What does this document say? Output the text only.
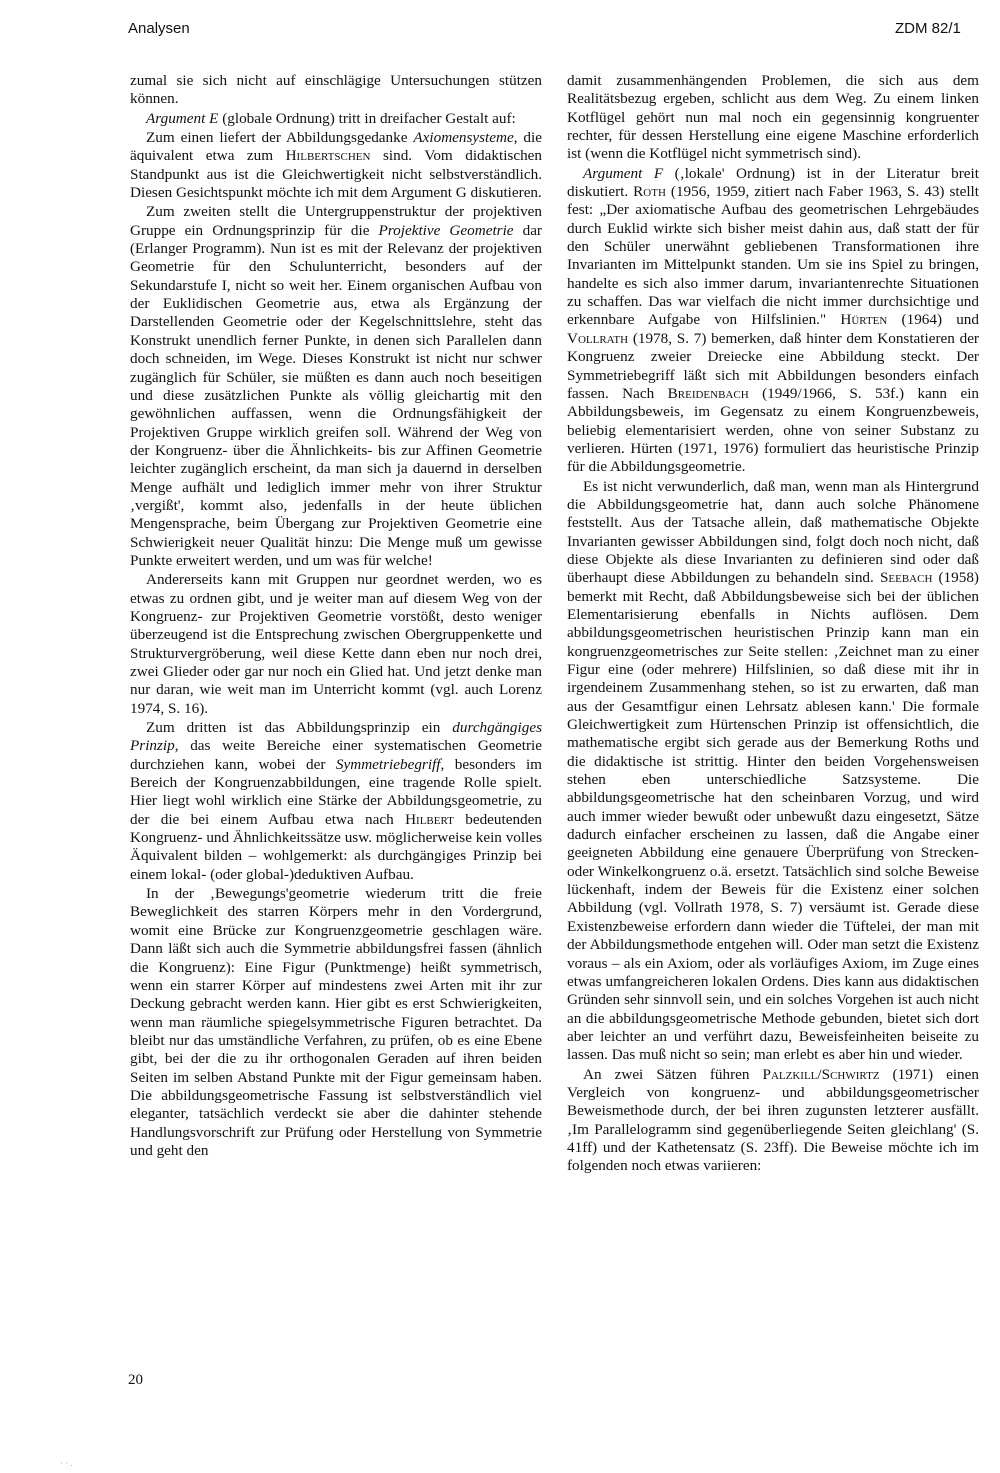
Analysen	ZDM 82/1

zumal sie sich nicht auf einschlägige Untersuchungen stützen können.

Argument E (globale Ordnung) tritt in dreifacher Gestalt auf:

Zum einen liefert der Abbildungsgedanke Axiomensysteme, die äquivalent etwa zum Hilbertschen sind. Vom didaktischen Standpunkt aus ist die Gleichwertigkeit nicht selbstverständlich. Diesen Gesichtspunkt möchte ich mit dem Argument G diskutieren.

Zum zweiten stellt die Untergruppenstruktur der projektiven Gruppe ein Ordnungsprinzip für die Projektive Geometrie dar (Erlanger Programm). Nun ist es mit der Relevanz der projektiven Geometrie für den Schulunterricht, besonders auf der Sekundarstufe I, nicht so weit her. Einem organischen Aufbau von der Euklidischen Geometrie aus, etwa als Ergänzung der Darstellenden Geometrie oder der Kegelschnittslehre, steht das Konstrukt unendlich ferner Punkte, in denen sich Parallelen dann doch schneiden, im Wege. Dieses Konstrukt ist nicht nur schwer zugänglich für Schüler, sie müßten es dann auch noch beseitigen und diese zusätzlichen Punkte als völlig gleichartig mit den gewöhnlichen auffassen, wenn die Ordnungsfähigkeit der Projektiven Gruppe wirklich greifen soll. Während der Weg von der Kongruenz- über die Ähnlichkeits- bis zur Affinen Geometrie leichter zugänglich erscheint, da man sich ja dauernd in derselben Menge aufhält und lediglich immer mehr von ihrer Struktur ‚vergißt', kommt also, jedenfalls in der heute üblichen Mengensprache, beim Übergang zur Projektiven Geometrie eine Schwierigkeit neuer Qualität hinzu: Die Menge muß um gewisse Punkte erweitert werden, und um was für welche!

Andererseits kann mit Gruppen nur geordnet werden, wo es etwas zu ordnen gibt, und je weiter man auf diesem Weg von der Kongruenz- zur Projektiven Geometrie vorstößt, desto weniger überzeugend ist die Entsprechung zwischen Obergruppenkette und Strukturvergröberung, weil diese Kette dann eben nur noch drei, zwei Glieder oder gar nur noch ein Glied hat. Und jetzt denke man nur daran, wie weit man im Unterricht kommt (vgl. auch Lorenz 1974, S. 16).

Zum dritten ist das Abbildungsprinzip ein durchgängiges Prinzip, das weite Bereiche einer systematischen Geometrie durchziehen kann, wobei der Symmetriebegriff, besonders im Bereich der Kongruenzabbildungen, eine tragende Rolle spielt. Hier liegt wohl wirklich eine Stärke der Abbildungsgeometrie, zu der die bei einem Aufbau etwa nach Hilbert bedeutenden Kongruenz- und Ähnlichkeitssätze usw. möglicherweise kein volles Äquivalent bilden – wohlgemerkt: als durchgängiges Prinzip bei einem lokal- (oder global-)deduktiven Aufbau.

In der ‚Bewegungs'geometrie wiederum tritt die freie Beweglichkeit des starren Körpers mehr in den Vordergrund, womit eine Brücke zur Kongruenzgeometrie geschlagen wäre. Dann läßt sich auch die Symmetrie abbildungsfrei fassen (ähnlich die Kongruenz): Eine Figur (Punktmenge) heißt symmetrisch, wenn ein starrer Körper auf mindestens zwei Arten mit ihr zur Deckung gebracht werden kann. Hier gibt es erst Schwierigkeiten, wenn man räumliche spiegelsymmetrische Figuren betrachtet. Da bleibt nur das umständliche Verfahren, zu prüfen, ob es eine Ebene gibt, bei der die zu ihr orthogonalen Geraden auf ihren beiden Seiten im selben Abstand Punkte mit der Figur gemeinsam haben. Die abbildungsgeometrische Fassung ist selbstverständlich viel eleganter, tatsächlich verdeckt sie aber die dahinter stehende Handlungsvorschrift zur Prüfung oder Herstellung von Symmetrie und geht den

damit zusammenhängenden Problemen, die sich aus dem Realitätsbezug ergeben, schlicht aus dem Weg. Zu einem linken Kotflügel gehört nun mal noch ein gegensinnig kongruenter rechter, für dessen Herstellung eine eigene Maschine erforderlich ist (wenn die Kotflügel nicht symmetrisch sind).

Argument F (‚lokale' Ordnung) ist in der Literatur breit diskutiert. Roth (1956, 1959, zitiert nach Faber 1963, S. 43) stellt fest: „Der axiomatische Aufbau des geometrischen Lehrgebäudes durch Euklid wirkte sich bisher meist dahin aus, daß statt der für den Schüler unerwähnt gebliebenen Transformationen ihre Invarianten im Mittelpunkt standen. Um sie ins Spiel zu bringen, handelte es sich also immer darum, invariantenrechte Situationen zu schaffen. Das war vielfach die nicht immer durchsichtige und erkennbare Aufgabe von Hilfslinien." Hürten (1964) und Vollrath (1978, S. 7) bemerken, daß hinter dem Konstatieren der Kongruenz zweier Dreiecke eine Abbildung steckt. Der Symmetriebegriff läßt sich mit Abbildungen besonders einfach fassen. Nach Breidenbach (1949/1966, S. 53f.) kann ein Abbildungsbeweis, im Gegensatz zu einem Kongruenzbeweis, beliebig elementarisiert werden, ohne von seiner Substanz zu verlieren. Hürten (1971, 1976) formuliert das heuristische Prinzip für die Abbildungsgeometrie.

Es ist nicht verwunderlich, daß man, wenn man als Hintergrund die Abbildungsgeometrie hat, dann auch solche Phänomene feststellt. Aus der Tatsache allein, daß mathematische Objekte Invarianten gewisser Abbildungen sind, folgt doch noch nicht, daß diese Objekte als diese Invarianten zu definieren sind oder daß überhaupt diese Abbildungen zu behandeln sind. Seebach (1958) bemerkt mit Recht, daß Abbildungsbeweise sich bei der üblichen Elementarisierung ebenfalls in Nichts auflösen. Dem abbildungsgeometrischen heuristischen Prinzip kann man ein kongruenzgeometrisches zur Seite stellen: ‚Zeichnet man zu einer Figur eine (oder mehrere) Hilfslinien, so daß diese mit ihr in irgendeinem Zusammenhang stehen, so ist zu erwarten, daß man aus der Gesamtfigur einen Lehrsatz ablesen kann.' Die formale Gleichwertigkeit zum Hürtenschen Prinzip ist offensichtlich, die mathematische ergibt sich gerade aus der Bemerkung Roths und die didaktische ist strittig. Hinter den beiden Vorgehensweisen stehen eben unterschiedliche Satzsysteme. Die abbildungsgeometrische hat den scheinbaren Vorzug, und wird auch immer wieder bewußt oder unbewußt dazu eingesetzt, Sätze dadurch einfacher erscheinen zu lassen, daß die Angabe einer geeigneten Abbildung eine genauere Überprüfung von Strecken- oder Winkelkongruenz o.ä. ersetzt. Tatsächlich sind solche Beweise lückenhaft, indem der Beweis für die Existenz einer solchen Abbildung (vgl. Vollrath 1978, S. 7) versäumt ist. Gerade diese Existenzbeweise erfordern dann wieder die Tüftelei, der man mit der Abbildungsmethode entgehen will. Oder man setzt die Existenz voraus – als ein Axiom, oder als vorläufiges Axiom, im Zuge eines etwas umfangreicheren lokalen Ordens. Dies kann aus didaktischen Gründen sehr sinnvoll sein, und ein solches Vorgehen ist auch nicht an die abbildungsgeometrische Methode gebunden, bietet sich dort aber leichter an und verführt dazu, Beweisfeinheiten beiseite zu lassen. Das muß nicht so sein; man erlebt es aber hin und wieder.

An zwei Sätzen führen Palzkill/Schwirtz (1971) einen Vergleich von kongruenz- und abbildungsgeometrischer Beweismethode durch, der bei ihren zugunsten letzterer ausfällt. ‚Im Parallelogramm sind gegenüberliegende Seiten gleichlang' (S. 41ff) und der Kathetensatz (S. 23ff). Die Beweise möchte ich im folgenden noch etwas variieren:

20
· · .
